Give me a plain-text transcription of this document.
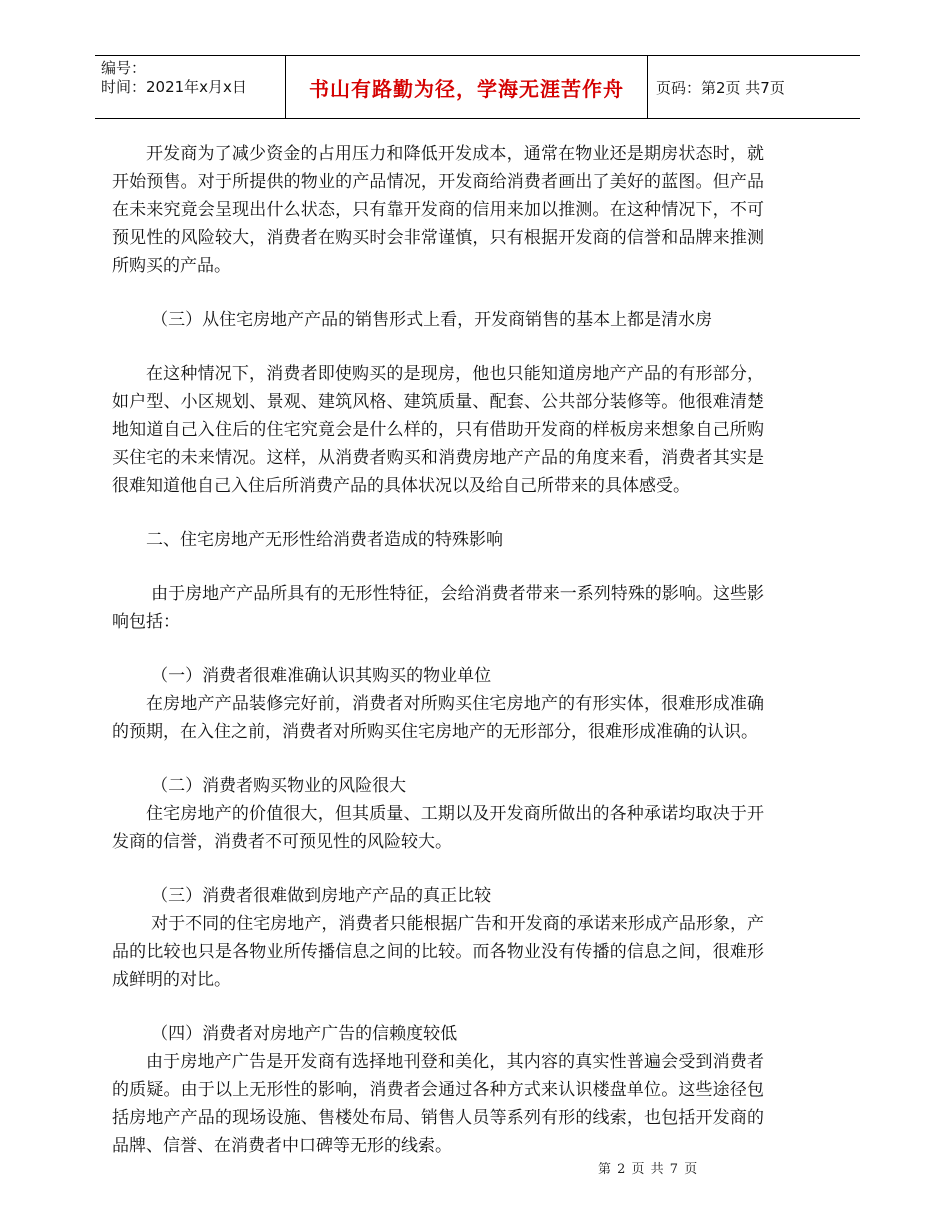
编号：
时间：2021年x月x日	书山有路勤为径，学海无涯苦作舟	页码：第2页 共7页

开发商为了减少资金的占用压力和降低开发成本，通常在物业还是期房状态时，就开始预售。对于所提供的物业的产品情况，开发商给消费者画出了美好的蓝图。但产品在未来究竟会呈现出什么状态，只有靠开发商的信用来加以推测。在这种情况下，不可预见性的风险较大，消费者在购买时会非常谨慎，只有根据开发商的信誉和品牌来推测所购买的产品。

（三）从住宅房地产产品的销售形式上看，开发商销售的基本上都是清水房

在这种情况下，消费者即使购买的是现房，他也只能知道房地产产品的有形部分，如户型、小区规划、景观、建筑风格、建筑质量、配套、公共部分装修等。他很难清楚地知道自己入住后的住宅究竟会是什么样的，只有借助开发商的样板房来想象自己所购买住宅的未来情况。这样，从消费者购买和消费房地产产品的角度来看，消费者其实是很难知道他自己入住后所消费产品的具体状况以及给自己所带来的具体感受。

二、住宅房地产无形性给消费者造成的特殊影响

由于房地产产品所具有的无形性特征，会给消费者带来一系列特殊的影响。这些影响包括：

（一）消费者很难准确认识其购买的物业单位

在房地产产品装修完好前，消费者对所购买住宅房地产的有形实体，很难形成准确的预期，在入住之前，消费者对所购买住宅房地产的无形部分，很难形成准确的认识。

（二）消费者购买物业的风险很大

住宅房地产的价值很大，但其质量、工期以及开发商所做出的各种承诺均取决于开发商的信誉，消费者不可预见性的风险较大。

（三）消费者很难做到房地产产品的真正比较

对于不同的住宅房地产，消费者只能根据广告和开发商的承诺来形成产品形象，产品的比较也只是各物业所传播信息之间的比较。而各物业没有传播的信息之间，很难形成鲜明的对比。

（四）消费者对房地产广告的信赖度较低

由于房地产广告是开发商有选择地刊登和美化，其内容的真实性普遍会受到消费者的质疑。由于以上无形性的影响，消费者会通过各种方式来认识楼盘单位。这些途径包括房地产产品的现场设施、售楼处布局、销售人员等系列有形的线索，也包括开发商的品牌、信誉、在消费者中口碑等无形的线索。

第 2 页 共 7 页
